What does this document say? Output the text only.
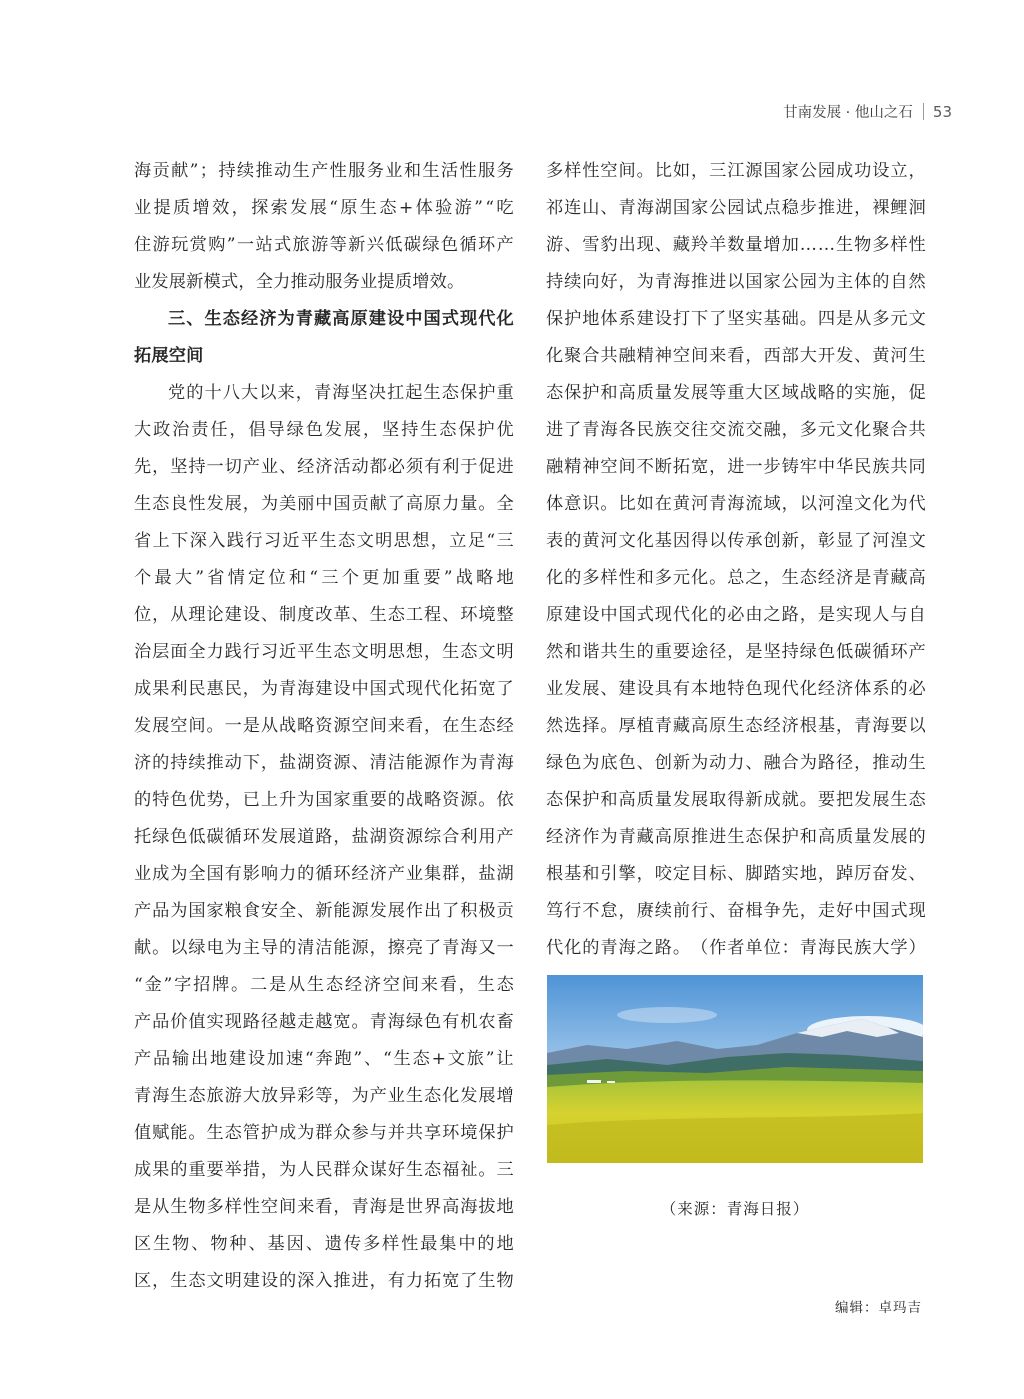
甘南发展 · 他山之石 53
海 贡 献 ” ； 持 续 推 动 生 产 性 服 务 业 和 生 活 性 服 务
业 提 质 增 效 ， 探 索 发 展 “ 原 生 态 + 体 验 游 ” “ 吃
住 游 玩 赏 购 ” 一 站 式 旅 游 等 新 兴 低 碳 绿 色 循 环 产
业发展新模式，全力推动服务业提质增效。
三 、 生 态 经 济 为 青 藏 高 原 建 设 中 国 式 现 代 化
拓展空间
党 的 十 八 大 以 来 ， 青 海 坚 决 扛 起 生 态 保 护 重
大 政 治 责 任 ， 倡 导 绿 色 发 展 ， 坚 持 生 态 保 护 优
先 ， 坚 持 一 切 产 业 、 经 济 活 动 都 必 须 有 利 于 促 进
生 态 良 性 发 展 ， 为 美 丽 中 国 贡 献 了 高 原 力 量 。 全
省 上 下 深 入 践 行 习 近 平 生 态 文 明 思 想 ， 立 足 “ 三
个 最 大 ” 省 情 定 位 和 “ 三 个 更 加 重 要 ” 战 略 地
位 ， 从 理 论 建 设 、 制 度 改 革 、 生 态 工 程 、 环 境 整
治 层 面 全 力 践 行 习 近 平 生 态 文 明 思 想 ， 生 态 文 明
成 果 利 民 惠 民 ， 为 青 海 建 设 中 国 式 现 代 化 拓 宽 了
发 展 空 间 。 一 是 从 战 略 资 源 空 间 来 看 ， 在 生 态 经
济 的 持 续 推 动 下 ， 盐 湖 资 源 、 清 洁 能 源 作 为 青 海
的 特 色 优 势 ， 已 上 升 为 国 家 重 要 的 战 略 资 源 。 依
托 绿 色 低 碳 循 环 发 展 道 路 ， 盐 湖 资 源 综 合 利 用 产
业 成 为 全 国 有 影 响 力 的 循 环 经 济 产 业 集 群 ， 盐 湖
产 品 为 国 家 粮 食 安 全 、 新 能 源 发 展 作 出 了 积 极 贡
献 。 以 绿 电 为 主 导 的 清 洁 能 源 ， 擦 亮 了 青 海 又 一
“ 金 ” 字 招 牌 。 二 是 从 生 态 经 济 空 间 来 看 ， 生 态
产 品 价 值 实 现 路 径 越 走 越 宽 。 青 海 绿 色 有 机 农 畜
产 品 输 出 地 建 设 加 速 “ 奔 跑 ” 、 “ 生 态 + 文 旅 ” 让
青 海 生 态 旅 游 大 放 异 彩 等 ， 为 产 业 生 态 化 发 展 增
值 赋 能 。 生 态 管 护 成 为 群 众 参 与 并 共 享 环 境 保 护
成 果 的 重 要 举 措 ， 为 人 民 群 众 谋 好 生 态 福 祉 。 三
是 从 生 物 多 样 性 空 间 来 看 ， 青 海 是 世 界 高 海 拔 地
区 生 物 、 物 种 、 基 因 、 遗 传 多 样 性 最 集 中 的 地
区 ， 生 态 文 明 建 设 的 深 入 推 进 ， 有 力 拓 宽 了 生 物
多 样 性 空 间 。 比 如 ， 三 江 源 国 家 公 园 成 功 设 立 ，
祁 连 山 、 青 海 湖 国 家 公 园 试 点 稳 步 推 进 ， 裸 鲤 洄
游 、 雪 豹 出 现 、 藏 羚 羊 数 量 增 加 … … 生 物 多 样 性
持 续 向 好 ， 为 青 海 推 进 以 国 家 公 园 为 主 体 的 自 然
保 护 地 体 系 建 设 打 下 了 坚 实 基 础 。 四 是 从 多 元 文
化 聚 合 共 融 精 神 空 间 来 看 ， 西 部 大 开 发 、 黄 河 生
态 保 护 和 高 质 量 发 展 等 重 大 区 域 战 略 的 实 施 ， 促
进 了 青 海 各 民 族 交 往 交 流 交 融 ， 多 元 文 化 聚 合 共
融 精 神 空 间 不 断 拓 宽 ， 进 一 步 铸 牢 中 华 民 族 共 同
体 意 识 。 比 如 在 黄 河 青 海 流 域 ， 以 河 湟 文 化 为 代
表 的 黄 河 文 化 基 因 得 以 传 承 创 新 ， 彰 显 了 河 湟 文
化 的 多 样 性 和 多 元 化 。 总 之 ， 生 态 经 济 是 青 藏 高
原 建 设 中 国 式 现 代 化 的 必 由 之 路 ， 是 实 现 人 与 自
然 和 谐 共 生 的 重 要 途 径 ， 是 坚 持 绿 色 低 碳 循 环 产
业 发 展 、 建 设 具 有 本 地 特 色 现 代 化 经 济 体 系 的 必
然 选 择 。 厚 植 青 藏 高 原 生 态 经 济 根 基 ， 青 海 要 以
绿 色 为 底 色 、 创 新 为 动 力 、 融 合 为 路 径 ， 推 动 生
态 保 护 和 高 质 量 发 展 取 得 新 成 就 。 要 把 发 展 生 态
经 济 作 为 青 藏 高 原 推 进 生 态 保 护 和 高 质 量 发 展 的
根 基 和 引 擎 ， 咬 定 目 标 、 脚 踏 实 地 ， 踔 厉 奋 发 、
笃 行 不 怠 ， 赓 续 前 行 、 奋 楫 争 先 ， 走 好 中 国 式 现
代 化 的 青 海 之 路 。 （ 作 者 单 位 ： 青 海 民 族 大 学 ）
（来源：青海日报）
编辑：卓玛吉
